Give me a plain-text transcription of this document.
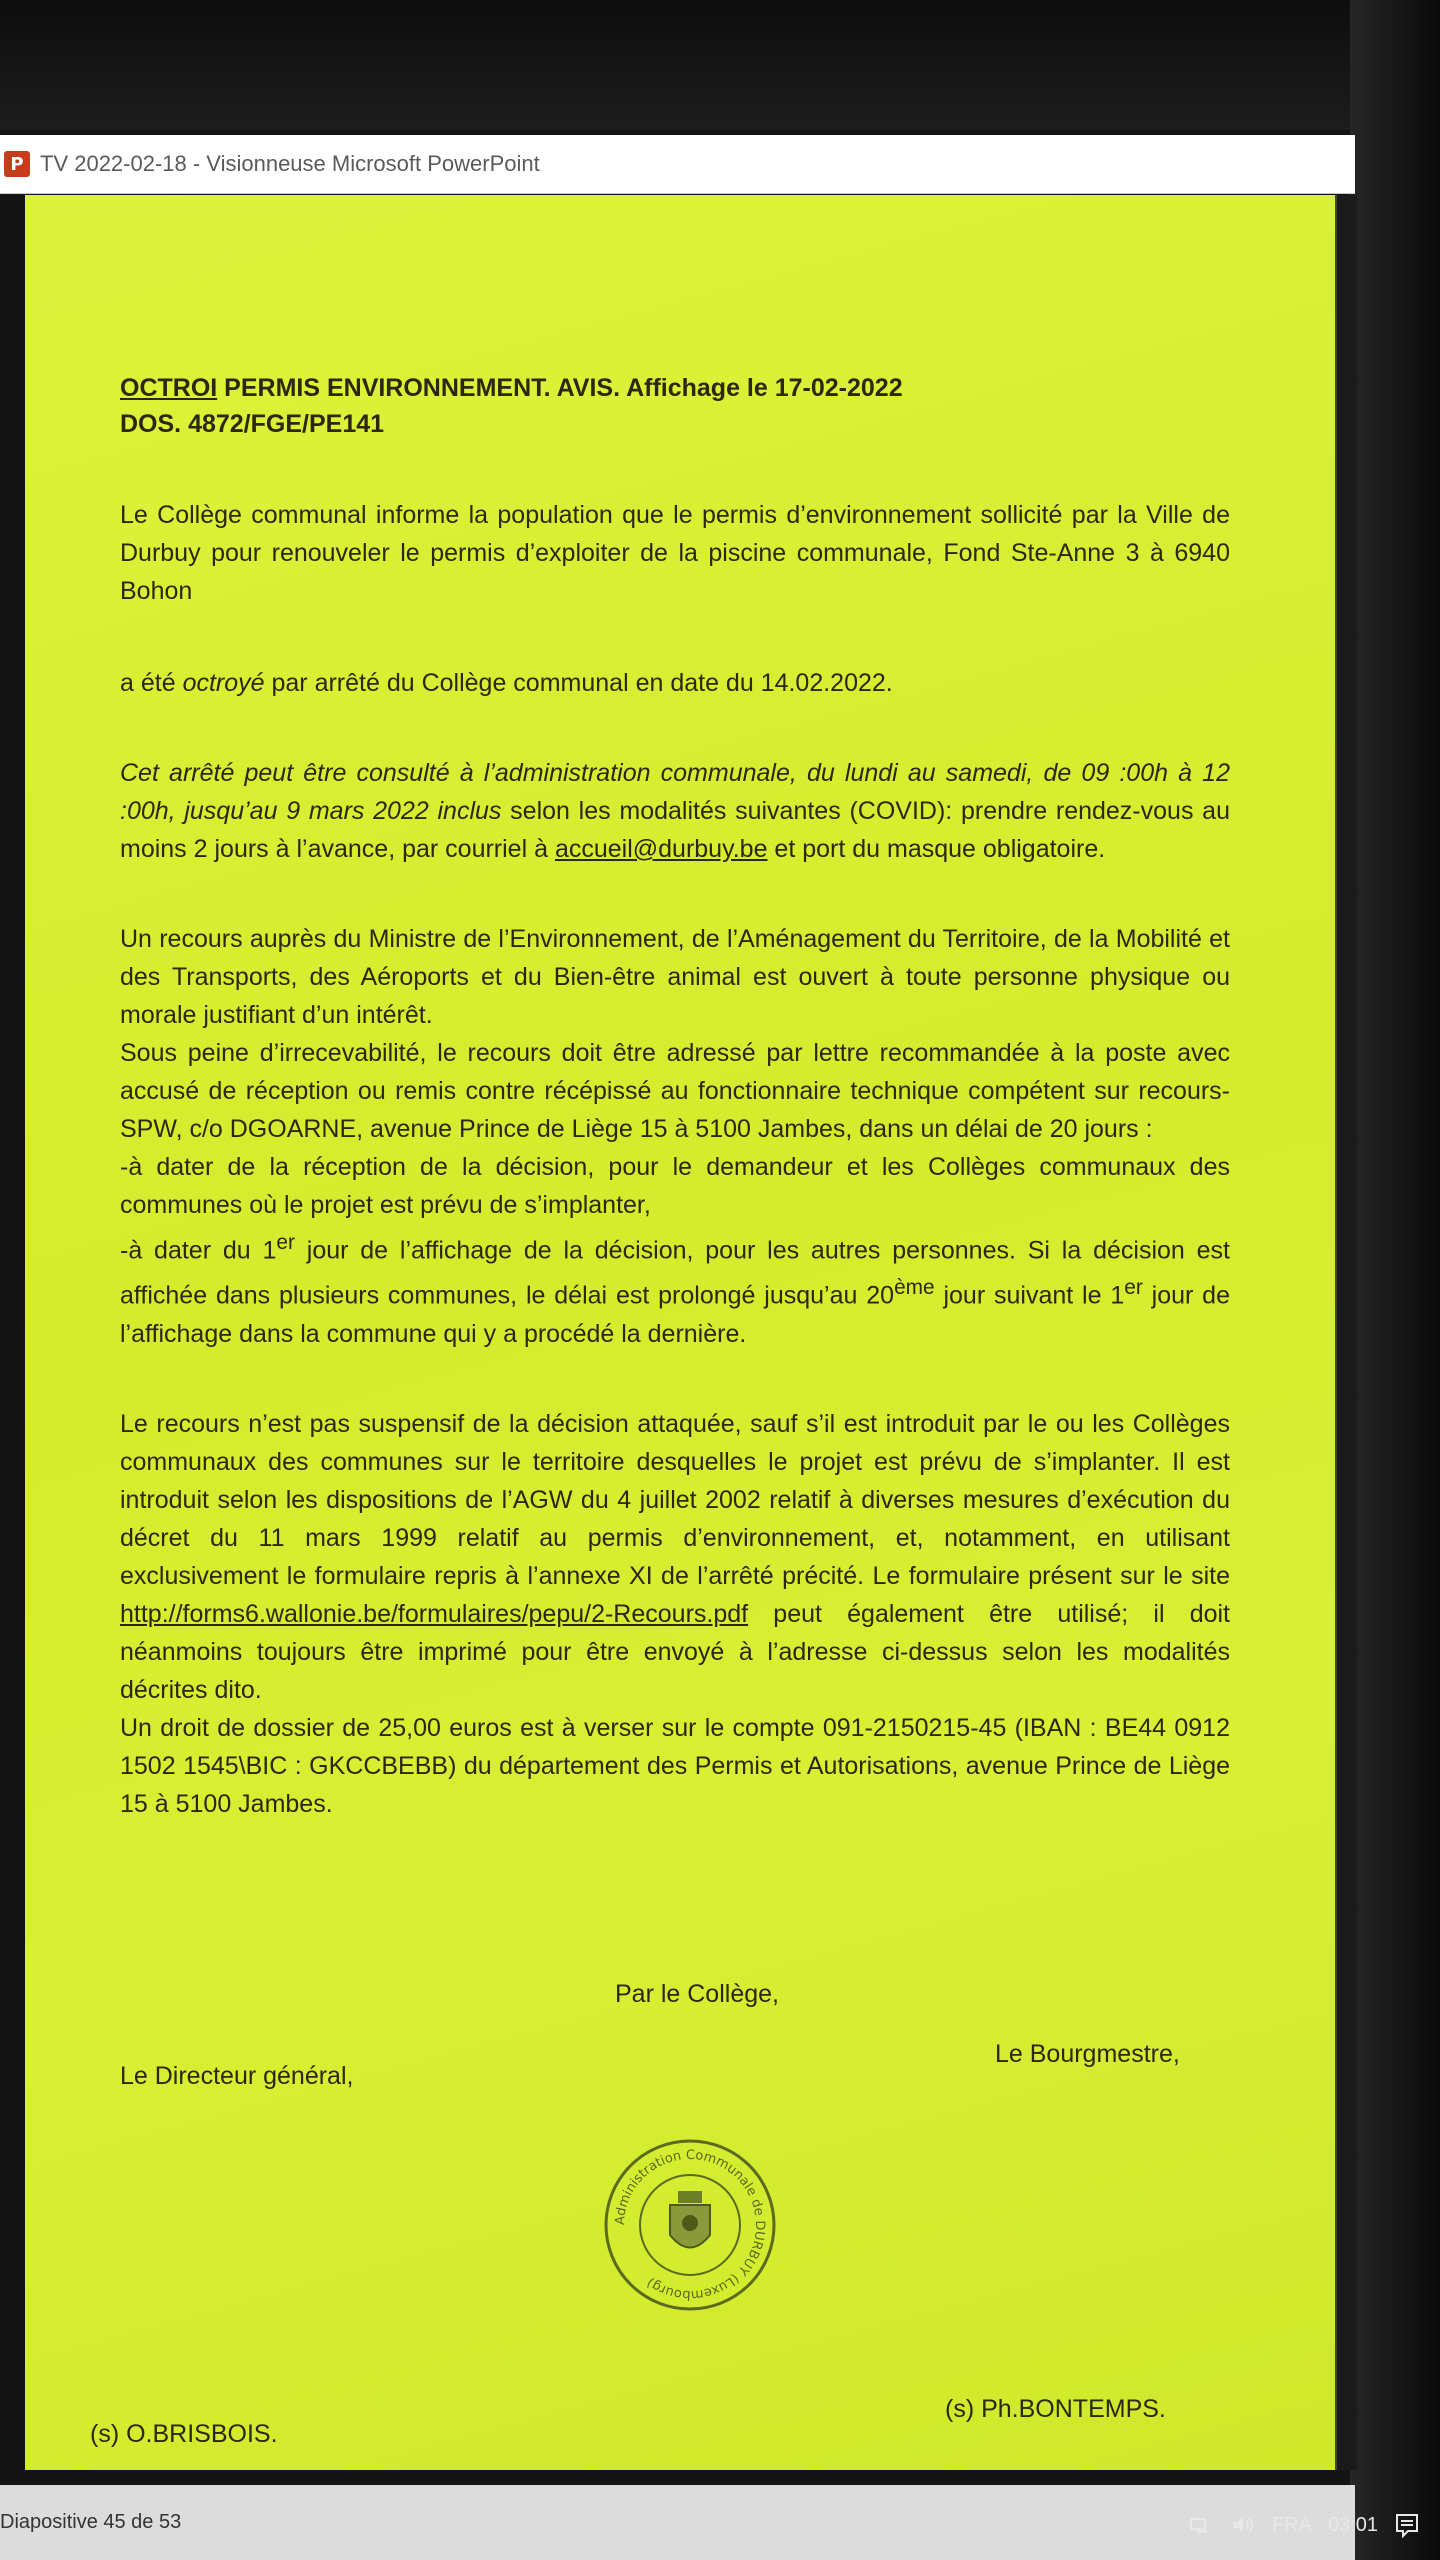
P TV 2022-02-18 - Visionneuse Microsoft PowerPoint

OCTROI PERMIS ENVIRONNEMENT. AVIS. Affichage le 17-02-2022

DOS. 4872/FGE/PE141

Le Collège communal informe la population que le permis d’environnement sollicité par la Ville de Durbuy pour renouveler le permis d’exploiter de la piscine communale, Fond Ste-Anne 3 à 6940 Bohon

a été octroyé par arrêté du Collège communal en date du 14.02.2022.

Cet arrêté peut être consulté à l’administration communale, du lundi au samedi, de 09 :00h à 12 :00h, jusqu’au 9 mars 2022 inclus selon les modalités suivantes (COVID): prendre rendez-vous au moins 2 jours à l’avance, par courriel à accueil@durbuy.be et port du masque obligatoire.

Un recours auprès du Ministre de l’Environnement, de l’Aménagement du Territoire, de la Mobilité et des Transports, des Aéroports et du Bien-être animal est ouvert à toute personne physique ou morale justifiant d’un intérêt.

Sous peine d’irrecevabilité, le recours doit être adressé par lettre recommandée à la poste avec accusé de réception ou remis contre récépissé au fonctionnaire technique compétent sur recours-SPW, c/o DGOARNE, avenue Prince de Liège 15 à 5100 Jambes, dans un délai de 20 jours :

-à dater de la réception de la décision, pour le demandeur et les Collèges communaux des communes où le projet est prévu de s’implanter,

-à dater du 1er jour de l’affichage de la décision, pour les autres personnes. Si la décision est affichée dans plusieurs communes, le délai est prolongé jusqu’au 20ème jour suivant le 1er jour de l’affichage dans la commune qui y a procédé la dernière.

Le recours n’est pas suspensif de la décision attaquée, sauf s’il est introduit par le ou les Collèges communaux des communes sur le territoire desquelles le projet est prévu de s’implanter. Il est introduit selon les dispositions de l’AGW du 4 juillet 2002 relatif à diverses mesures d’exécution du décret du 11 mars 1999 relatif au permis d’environnement, et, notamment, en utilisant exclusivement le formulaire repris à l’annexe XI de l’arrêté précité. Le formulaire présent sur le site http://forms6.wallonie.be/formulaires/pepu/2-Recours.pdf peut également être utilisé; il doit néanmoins toujours être imprimé pour être envoyé à l’adresse ci-dessus selon les modalités décrites dito.

Un droit de dossier de 25,00 euros est à verser sur le compte 091-2150215-45 (IBAN : BE44 0912 1502 1545\BIC : GKCCBEBB) du département des Permis et Autorisations, avenue Prince de Liège 15 à 5100 Jambes.

Par le Collège,
Le Directeur général,
Le Bourgmestre,
Administration Communale de DURBUY (Luxembourg)
(s) O.BRISBOIS.
(s) Ph.BONTEMPS.
Diapositive 45 de 53	FRA 03:01
